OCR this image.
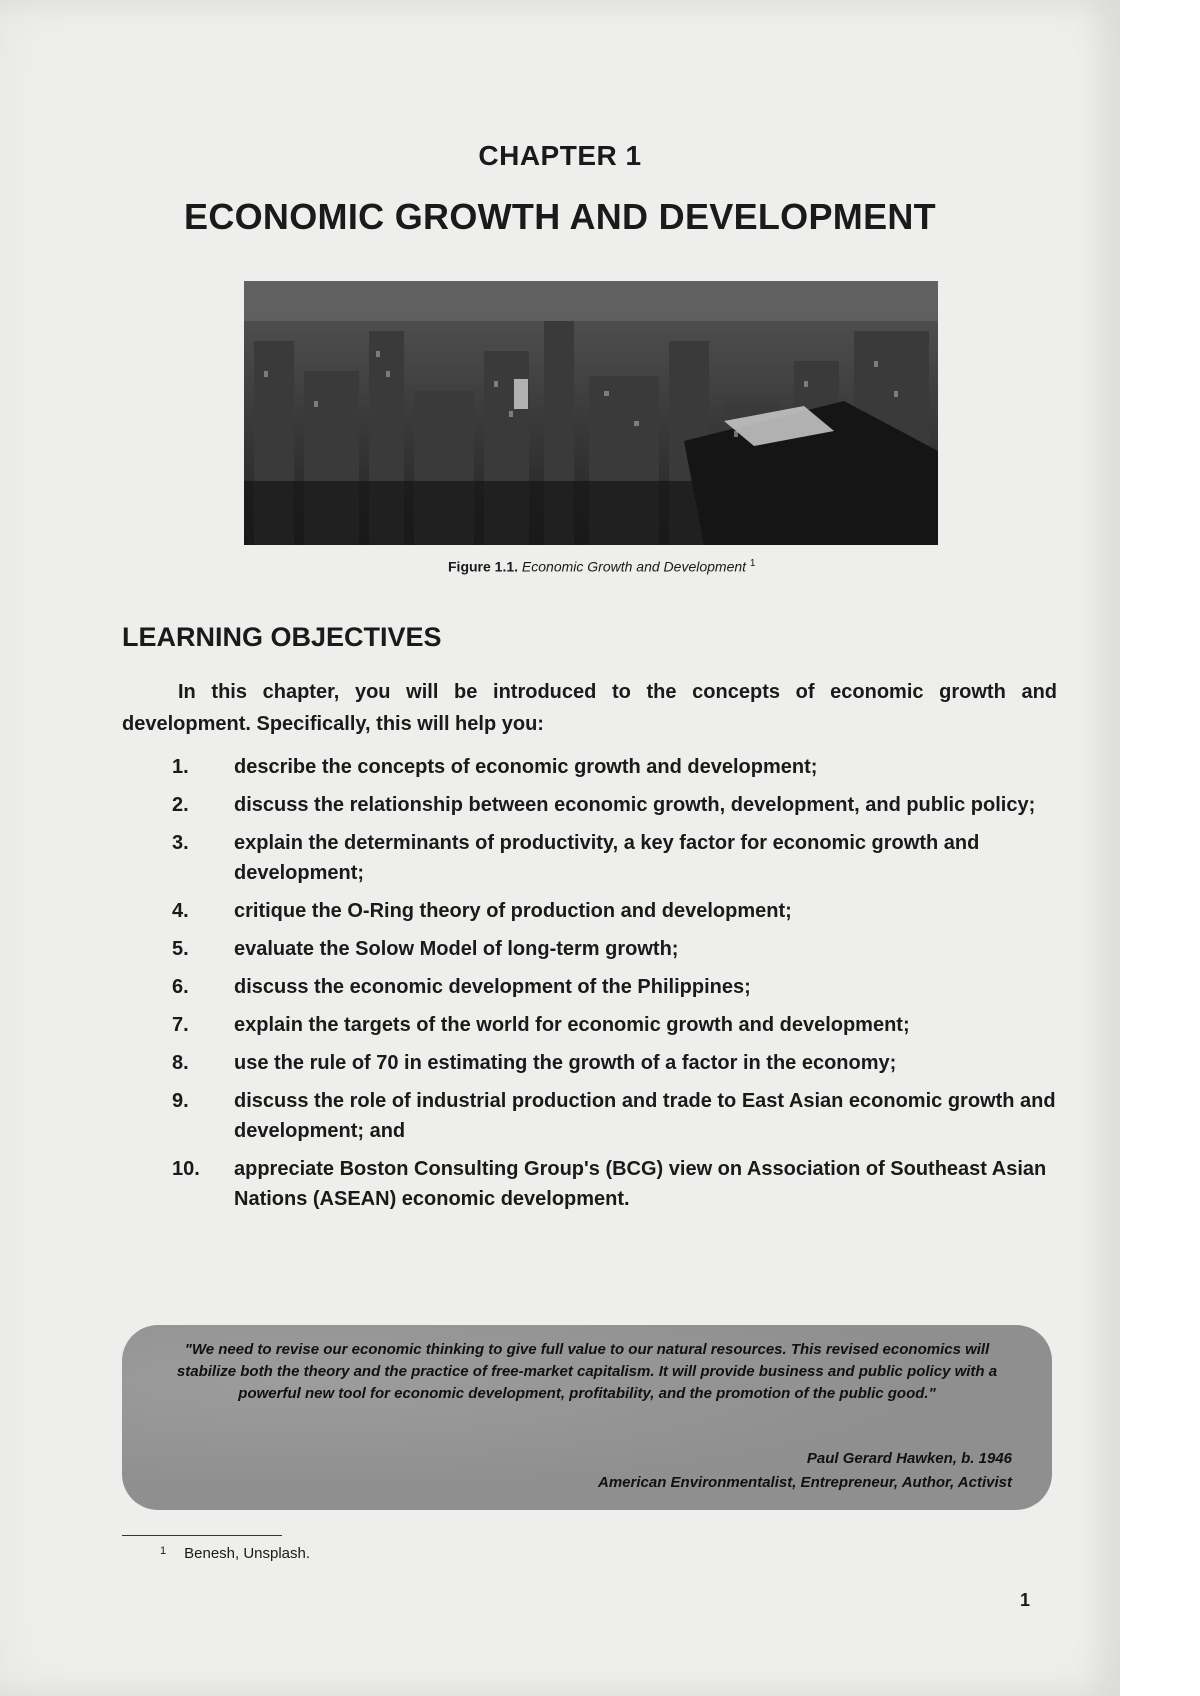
CHAPTER 1
ECONOMIC GROWTH AND DEVELOPMENT
Figure 1.1. Economic Growth and Development $^1$
LEARNING OBJECTIVES
In this chapter, you will be introduced to the concepts of economic growth and development. Specifically, this will help you:
1.	describe the concepts of economic growth and development;
2.	discuss the relationship between economic growth, development, and public policy;
3.	explain the determinants of productivity, a key factor for economic growth and development;
4.	critique the O-Ring theory of production and development;
5.	evaluate the Solow Model of long-term growth;
6.	discuss the economic development of the Philippines;
7.	explain the targets of the world for economic growth and development;
8.	use the rule of 70 in estimating the growth of a factor in the economy;
9.	discuss the role of industrial production and trade to East Asian economic growth and development; and
10.	appreciate Boston Consulting Group's (BCG) view on Association of Southeast Asian Nations (ASEAN) economic development.
"We need to revise our economic thinking to give full value to our natural resources. This revised economics will stabilize both the theory and the practice of free-market capitalism. It will provide business and public policy with a powerful new tool for economic development, profitability, and the promotion of the public good."
Paul Gerard Hawken, b. 1946
American Environmentalist, Entrepreneur, Author, Activist
$^1$ Benesh, Unsplash.
1
